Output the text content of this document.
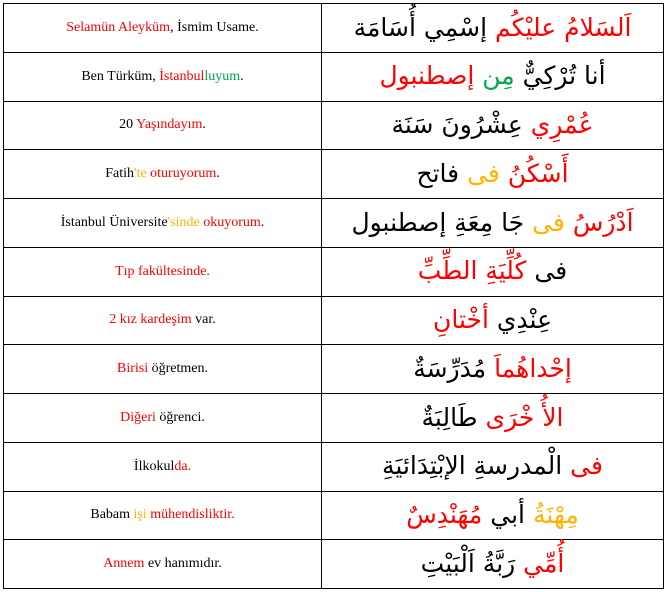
Selamün Aleyküm, İsmim Usame.	اَلسَلامُ عليْكُم إسْمِي أُسَامَة
Ben Türküm, İstanbulluyum.	أنا تُرْكِيٌّ مِن إصطنبول
20 Yaşındayım.	عُمْرِي عِشْرُونَ سَنَة
Fatih'te oturuyorum.	أَسْكُنُ فى فاتح
İstanbul Üniversite'sinde okuyorum.	اَدْرُسُ فى جَا مِعَةِ إصطنبول
Tıp fakültesinde.	فى كُلِّيَةِ الطِّبِّ
2 kız kardeşim var.	عِنْدِي أخْتانِ
Birisi öğretmen.	إحْداهُماَ مُدَرِّسَةٌ
Diğeri öğrenci.	الأُ خْرَى طَالِبَةٌ
İlkokulda.	فى الْمدرسةِ الإبْتِدَائيَةِ
Babam işi mühendisliktir.	مِهْنَةُ أبي مُهَنْدِسٌ
Annem ev hanımıdır.	أُمِّي رَبَّةُ اَلْبَيْتِ
